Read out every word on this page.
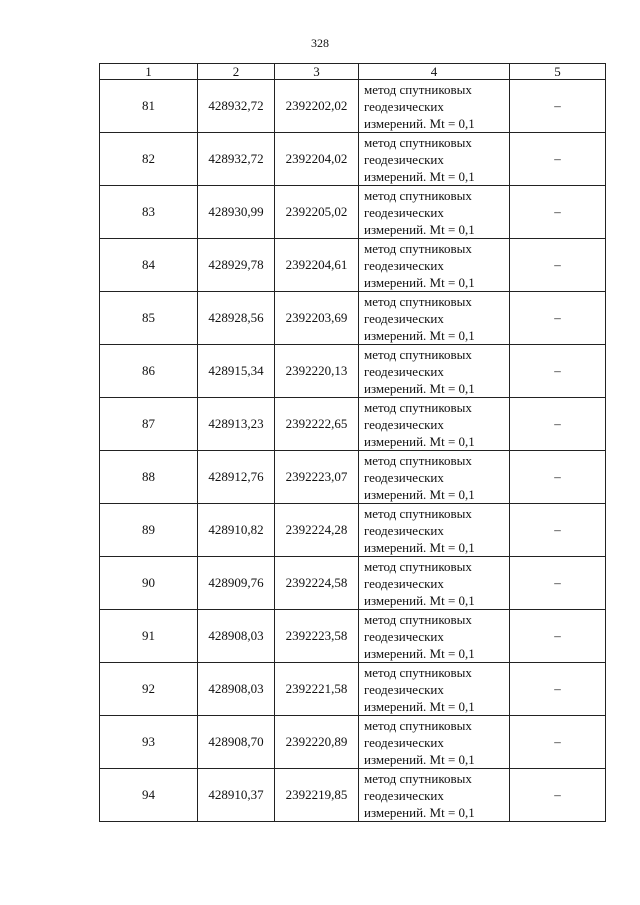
328
1	2	3	4	5
81	428932,72	2392202,02	метод спутниковых
геодезических
измерений. Mt = 0,1	–
82	428932,72	2392204,02	метод спутниковых
геодезических
измерений. Mt = 0,1	–
83	428930,99	2392205,02	метод спутниковых
геодезических
измерений. Mt = 0,1	–
84	428929,78	2392204,61	метод спутниковых
геодезических
измерений. Mt = 0,1	–
85	428928,56	2392203,69	метод спутниковых
геодезических
измерений. Mt = 0,1	–
86	428915,34	2392220,13	метод спутниковых
геодезических
измерений. Mt = 0,1	–
87	428913,23	2392222,65	метод спутниковых
геодезических
измерений. Mt = 0,1	–
88	428912,76	2392223,07	метод спутниковых
геодезических
измерений. Mt = 0,1	–
89	428910,82	2392224,28	метод спутниковых
геодезических
измерений. Mt = 0,1	–
90	428909,76	2392224,58	метод спутниковых
геодезических
измерений. Mt = 0,1	–
91	428908,03	2392223,58	метод спутниковых
геодезических
измерений. Mt = 0,1	–
92	428908,03	2392221,58	метод спутниковых
геодезических
измерений. Mt = 0,1	–
93	428908,70	2392220,89	метод спутниковых
геодезических
измерений. Mt = 0,1	–
94	428910,37	2392219,85	метод спутниковых
геодезических
измерений. Mt = 0,1	–
